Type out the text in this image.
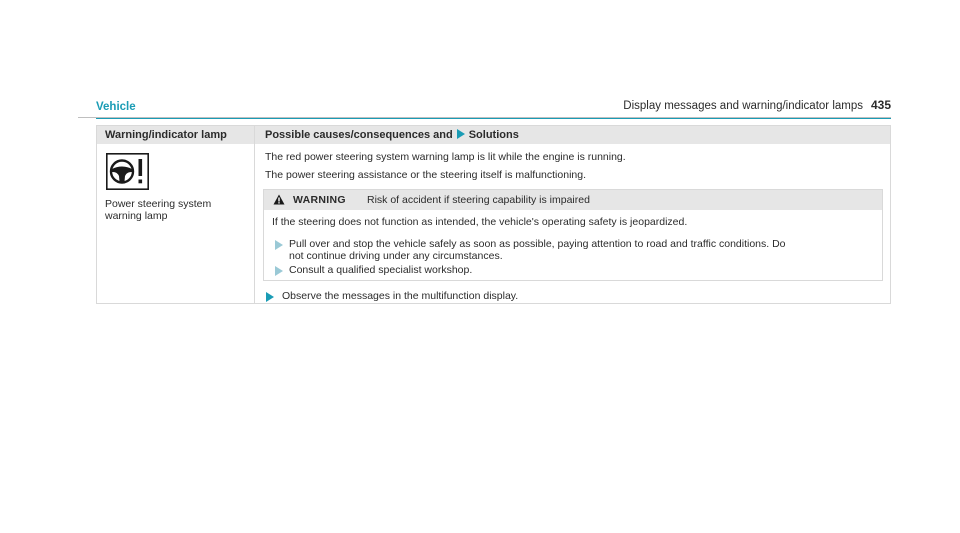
Display messages and warning/indicator lamps 435
Vehicle
Warning/indicator lamp	Possible causes/consequences and Solutions
Power steering system
warning lamp
The red power steering system warning lamp is lit while the engine is running.
The power steering assistance or the steering itself is malfunctioning.
WARNING Risk of accident if steering capability is impaired
If the steering does not function as intended, the vehicle's operating safety is jeopardized.
Pull over and stop the vehicle safely as soon as possible, paying attention to road and traffic conditions. Do
not continue driving under any circumstances.
Consult a qualified specialist workshop.
Observe the messages in the multifunction display.
